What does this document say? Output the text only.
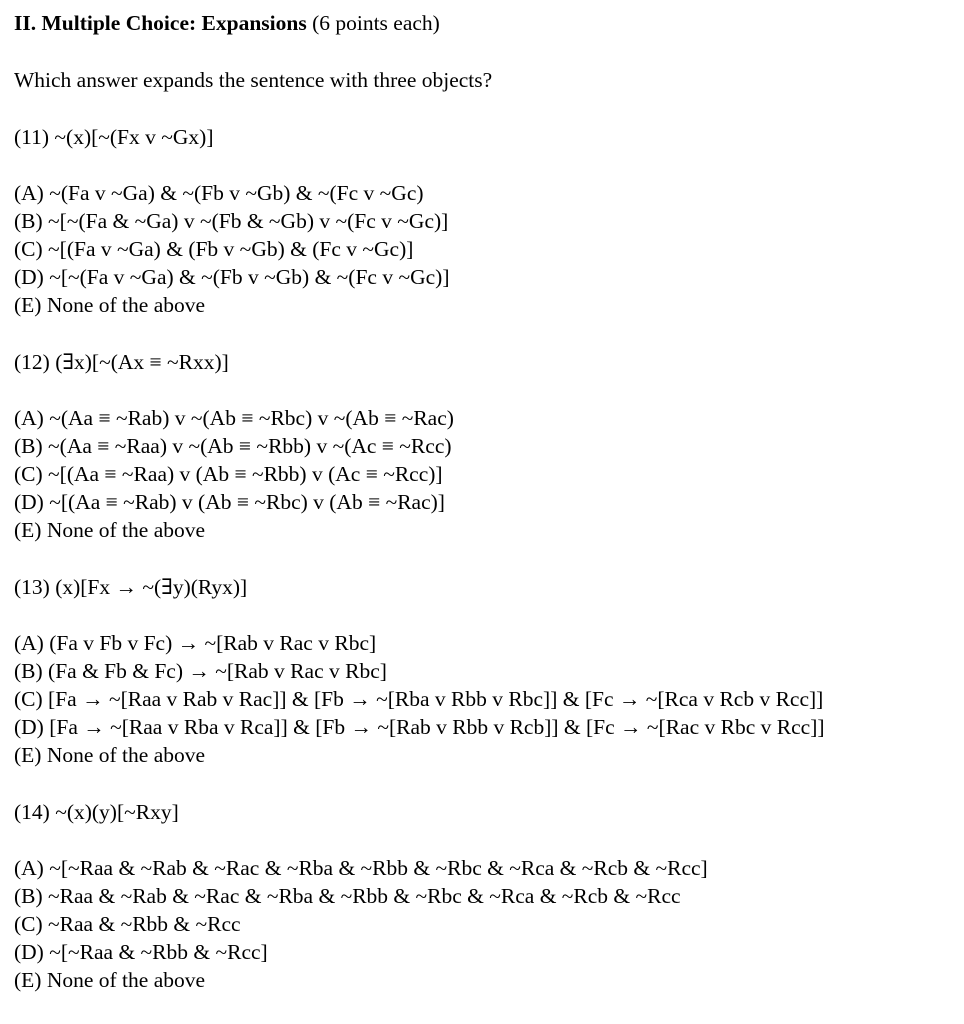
II. Multiple Choice: Expansions (6 points each)
Which answer expands the sentence with three objects?
(11) ~(x)[~(Fx v ~Gx)]
(A) ~(Fa v ~Ga) & ~(Fb v ~Gb) & ~(Fc v ~Gc)
(B) ~[~(Fa & ~Ga) v ~(Fb & ~Gb) v ~(Fc v ~Gc)]
(C) ~[(Fa v ~Ga) & (Fb v ~Gb) & (Fc v ~Gc)]
(D) ~[~(Fa v ~Ga) & ~(Fb v ~Gb) & ~(Fc v ~Gc)]
(E) None of the above
(12) (∃x)[~(Ax ≡ ~Rxx)]
(A) ~(Aa ≡ ~Rab) v ~(Ab ≡ ~Rbc) v ~(Ab ≡ ~Rac)
(B) ~(Aa ≡ ~Raa) v ~(Ab ≡ ~Rbb) v ~(Ac ≡ ~Rcc)
(C) ~[(Aa ≡ ~Raa) v (Ab ≡ ~Rbb) v (Ac ≡ ~Rcc)]
(D) ~[(Aa ≡ ~Rab) v (Ab ≡ ~Rbc) v (Ab ≡ ~Rac)]
(E) None of the above
(13) (x)[Fx → ~(∃y)(Ryx)]
(A) (Fa v Fb v Fc) → ~[Rab v Rac v Rbc]
(B) (Fa & Fb & Fc) → ~[Rab v Rac v Rbc]
(C) [Fa → ~[Raa v Rab v Rac]] & [Fb → ~[Rba v Rbb v Rbc]] & [Fc → ~[Rca v Rcb v Rcc]]
(D) [Fa → ~[Raa v Rba v Rca]] & [Fb → ~[Rab v Rbb v Rcb]] & [Fc → ~[Rac v Rbc v Rcc]]
(E) None of the above
(14) ~(x)(y)[~Rxy]
(A) ~[~Raa & ~Rab & ~Rac & ~Rba & ~Rbb & ~Rbc & ~Rca & ~Rcb & ~Rcc]
(B) ~Raa & ~Rab & ~Rac & ~Rba & ~Rbb & ~Rbc & ~Rca & ~Rcb & ~Rcc
(C) ~Raa & ~Rbb & ~Rcc
(D) ~[~Raa & ~Rbb & ~Rcc]
(E) None of the above
